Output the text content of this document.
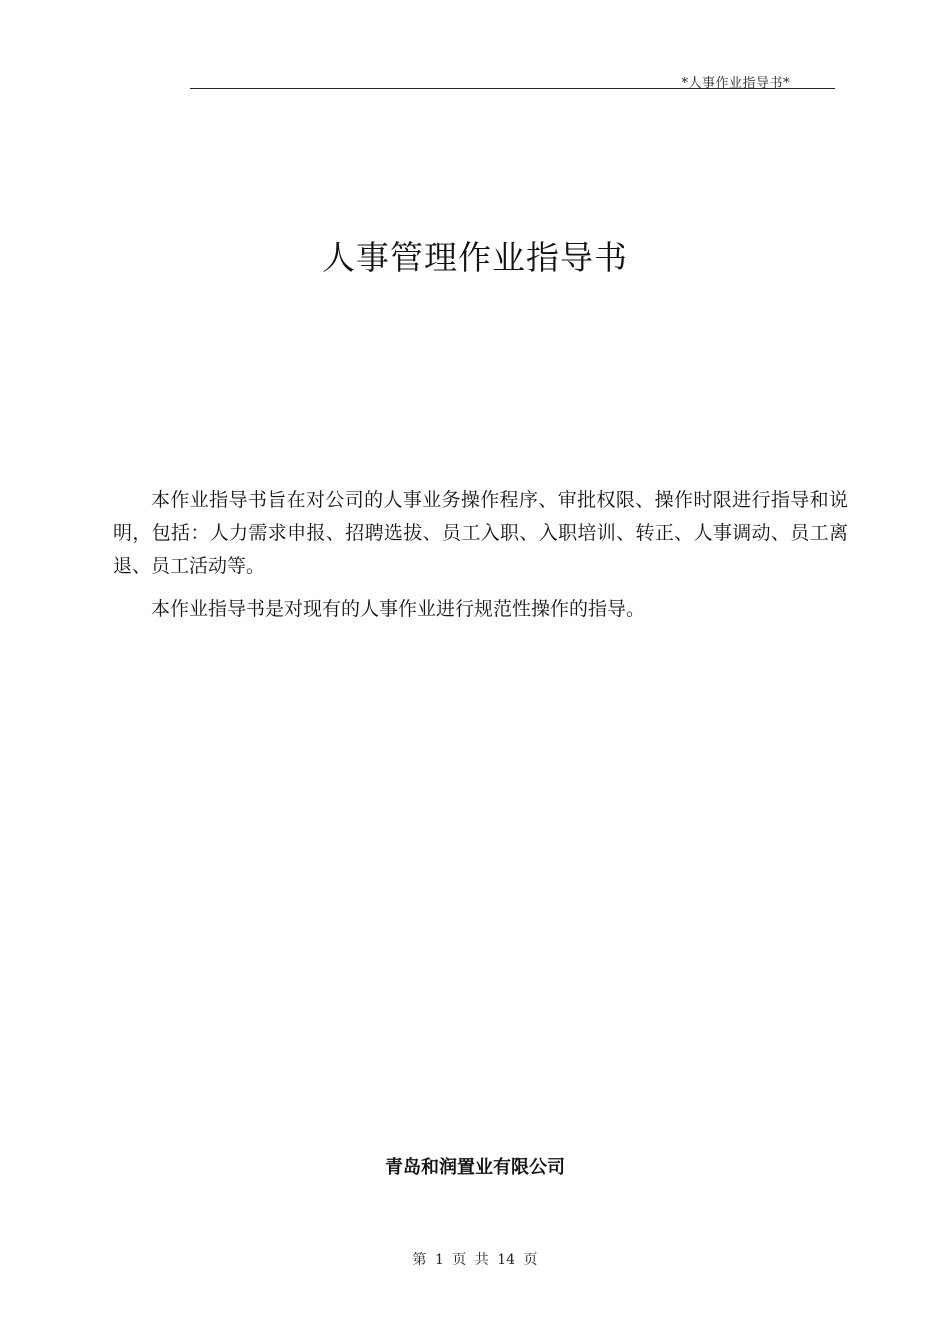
*人事作业指导书*
人事管理作业指导书

本作业指导书旨在对公司的人事业务操作程序、审批权限、操作时限进行指导和说明，包括：人力需求申报、招聘选拔、员工入职、入职培训、转正、人事调动、员工离退、员工活动等。

本作业指导书是对现有的人事作业进行规范性操作的指导。

青岛和润置业有限公司
第 1 页 共 14 页
